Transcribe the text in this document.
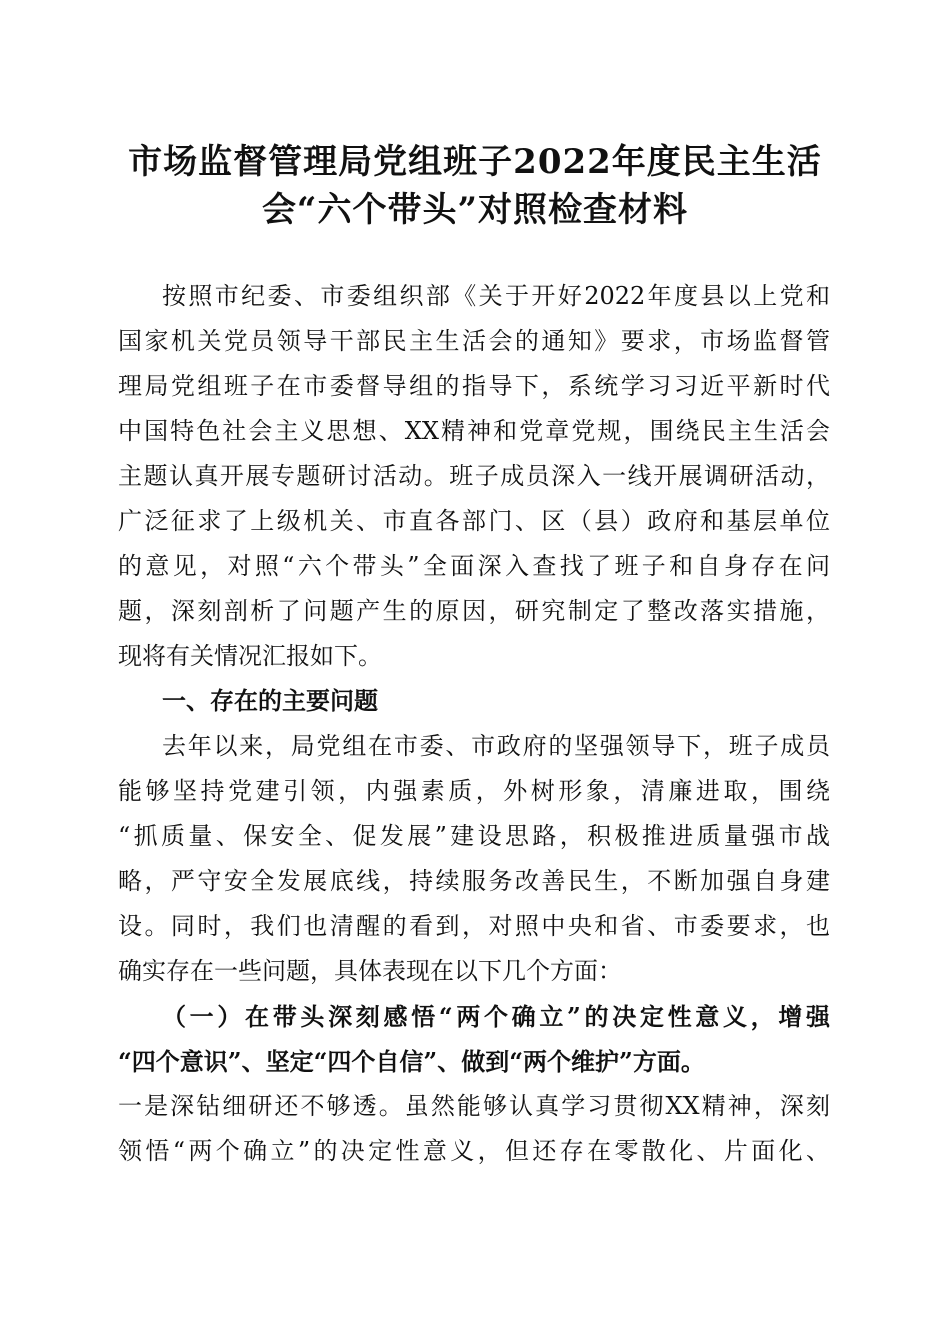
市场监督管理局党组班子2022年度民主生活
会“六个带头”对照检查材料
按照市纪委、市委组织部《关于开好2022年度县以上党和
国家机关党员领导干部民主生活会的通知》要求，市场监督管
理局党组班子在市委督导组的指导下，系统学习习近平新时代
中国特色社会主义思想、XX精神和党章党规，围绕民主生活会
主题认真开展专题研讨活动。班子成员深入一线开展调研活动，
广泛征求了上级机关、市直各部门、区（县）政府和基层单位
的意见，对照“六个带头”全面深入查找了班子和自身存在问
题，深刻剖析了问题产生的原因，研究制定了整改落实措施，
现将有关情况汇报如下。
一、存在的主要问题
去年以来，局党组在市委、市政府的坚强领导下，班子成员
能够坚持党建引领，内强素质，外树形象，清廉进取，围绕
“抓质量、保安全、促发展”建设思路，积极推进质量强市战
略，严守安全发展底线，持续服务改善民生，不断加强自身建
设。同时，我们也清醒的看到，对照中央和省、市委要求，也
确实存在一些问题，具体表现在以下几个方面：
（一）在带头深刻感悟“两个确立”的决定性意义，增强
“四个意识”、坚定“四个自信”、做到“两个维护”方面。
一是深钻细研还不够透。虽然能够认真学习贯彻XX精神，深刻
领悟“两个确立”的决定性意义，但还存在零散化、片面化、
